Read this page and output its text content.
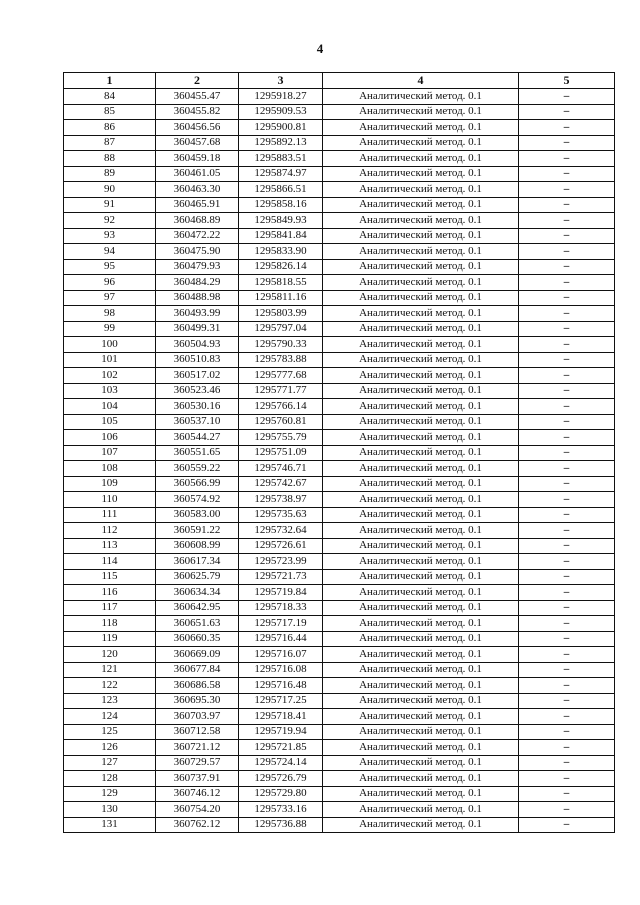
4
1	2	3	4	5
84	360455.47	1295918.27	Аналитический метод. 0.1	–
85	360455.82	1295909.53	Аналитический метод. 0.1	–
86	360456.56	1295900.81	Аналитический метод. 0.1	–
87	360457.68	1295892.13	Аналитический метод. 0.1	–
88	360459.18	1295883.51	Аналитический метод. 0.1	–
89	360461.05	1295874.97	Аналитический метод. 0.1	–
90	360463.30	1295866.51	Аналитический метод. 0.1	–
91	360465.91	1295858.16	Аналитический метод. 0.1	–
92	360468.89	1295849.93	Аналитический метод. 0.1	–
93	360472.22	1295841.84	Аналитический метод. 0.1	–
94	360475.90	1295833.90	Аналитический метод. 0.1	–
95	360479.93	1295826.14	Аналитический метод. 0.1	–
96	360484.29	1295818.55	Аналитический метод. 0.1	–
97	360488.98	1295811.16	Аналитический метод. 0.1	–
98	360493.99	1295803.99	Аналитический метод. 0.1	–
99	360499.31	1295797.04	Аналитический метод. 0.1	–
100	360504.93	1295790.33	Аналитический метод. 0.1	–
101	360510.83	1295783.88	Аналитический метод. 0.1	–
102	360517.02	1295777.68	Аналитический метод. 0.1	–
103	360523.46	1295771.77	Аналитический метод. 0.1	–
104	360530.16	1295766.14	Аналитический метод. 0.1	–
105	360537.10	1295760.81	Аналитический метод. 0.1	–
106	360544.27	1295755.79	Аналитический метод. 0.1	–
107	360551.65	1295751.09	Аналитический метод. 0.1	–
108	360559.22	1295746.71	Аналитический метод. 0.1	–
109	360566.99	1295742.67	Аналитический метод. 0.1	–
110	360574.92	1295738.97	Аналитический метод. 0.1	–
111	360583.00	1295735.63	Аналитический метод. 0.1	–
112	360591.22	1295732.64	Аналитический метод. 0.1	–
113	360608.99	1295726.61	Аналитический метод. 0.1	–
114	360617.34	1295723.99	Аналитический метод. 0.1	–
115	360625.79	1295721.73	Аналитический метод. 0.1	–
116	360634.34	1295719.84	Аналитический метод. 0.1	–
117	360642.95	1295718.33	Аналитический метод. 0.1	–
118	360651.63	1295717.19	Аналитический метод. 0.1	–
119	360660.35	1295716.44	Аналитический метод. 0.1	–
120	360669.09	1295716.07	Аналитический метод. 0.1	–
121	360677.84	1295716.08	Аналитический метод. 0.1	–
122	360686.58	1295716.48	Аналитический метод. 0.1	–
123	360695.30	1295717.25	Аналитический метод. 0.1	–
124	360703.97	1295718.41	Аналитический метод. 0.1	–
125	360712.58	1295719.94	Аналитический метод. 0.1	–
126	360721.12	1295721.85	Аналитический метод. 0.1	–
127	360729.57	1295724.14	Аналитический метод. 0.1	–
128	360737.91	1295726.79	Аналитический метод. 0.1	–
129	360746.12	1295729.80	Аналитический метод. 0.1	–
130	360754.20	1295733.16	Аналитический метод. 0.1	–
131	360762.12	1295736.88	Аналитический метод. 0.1	–
